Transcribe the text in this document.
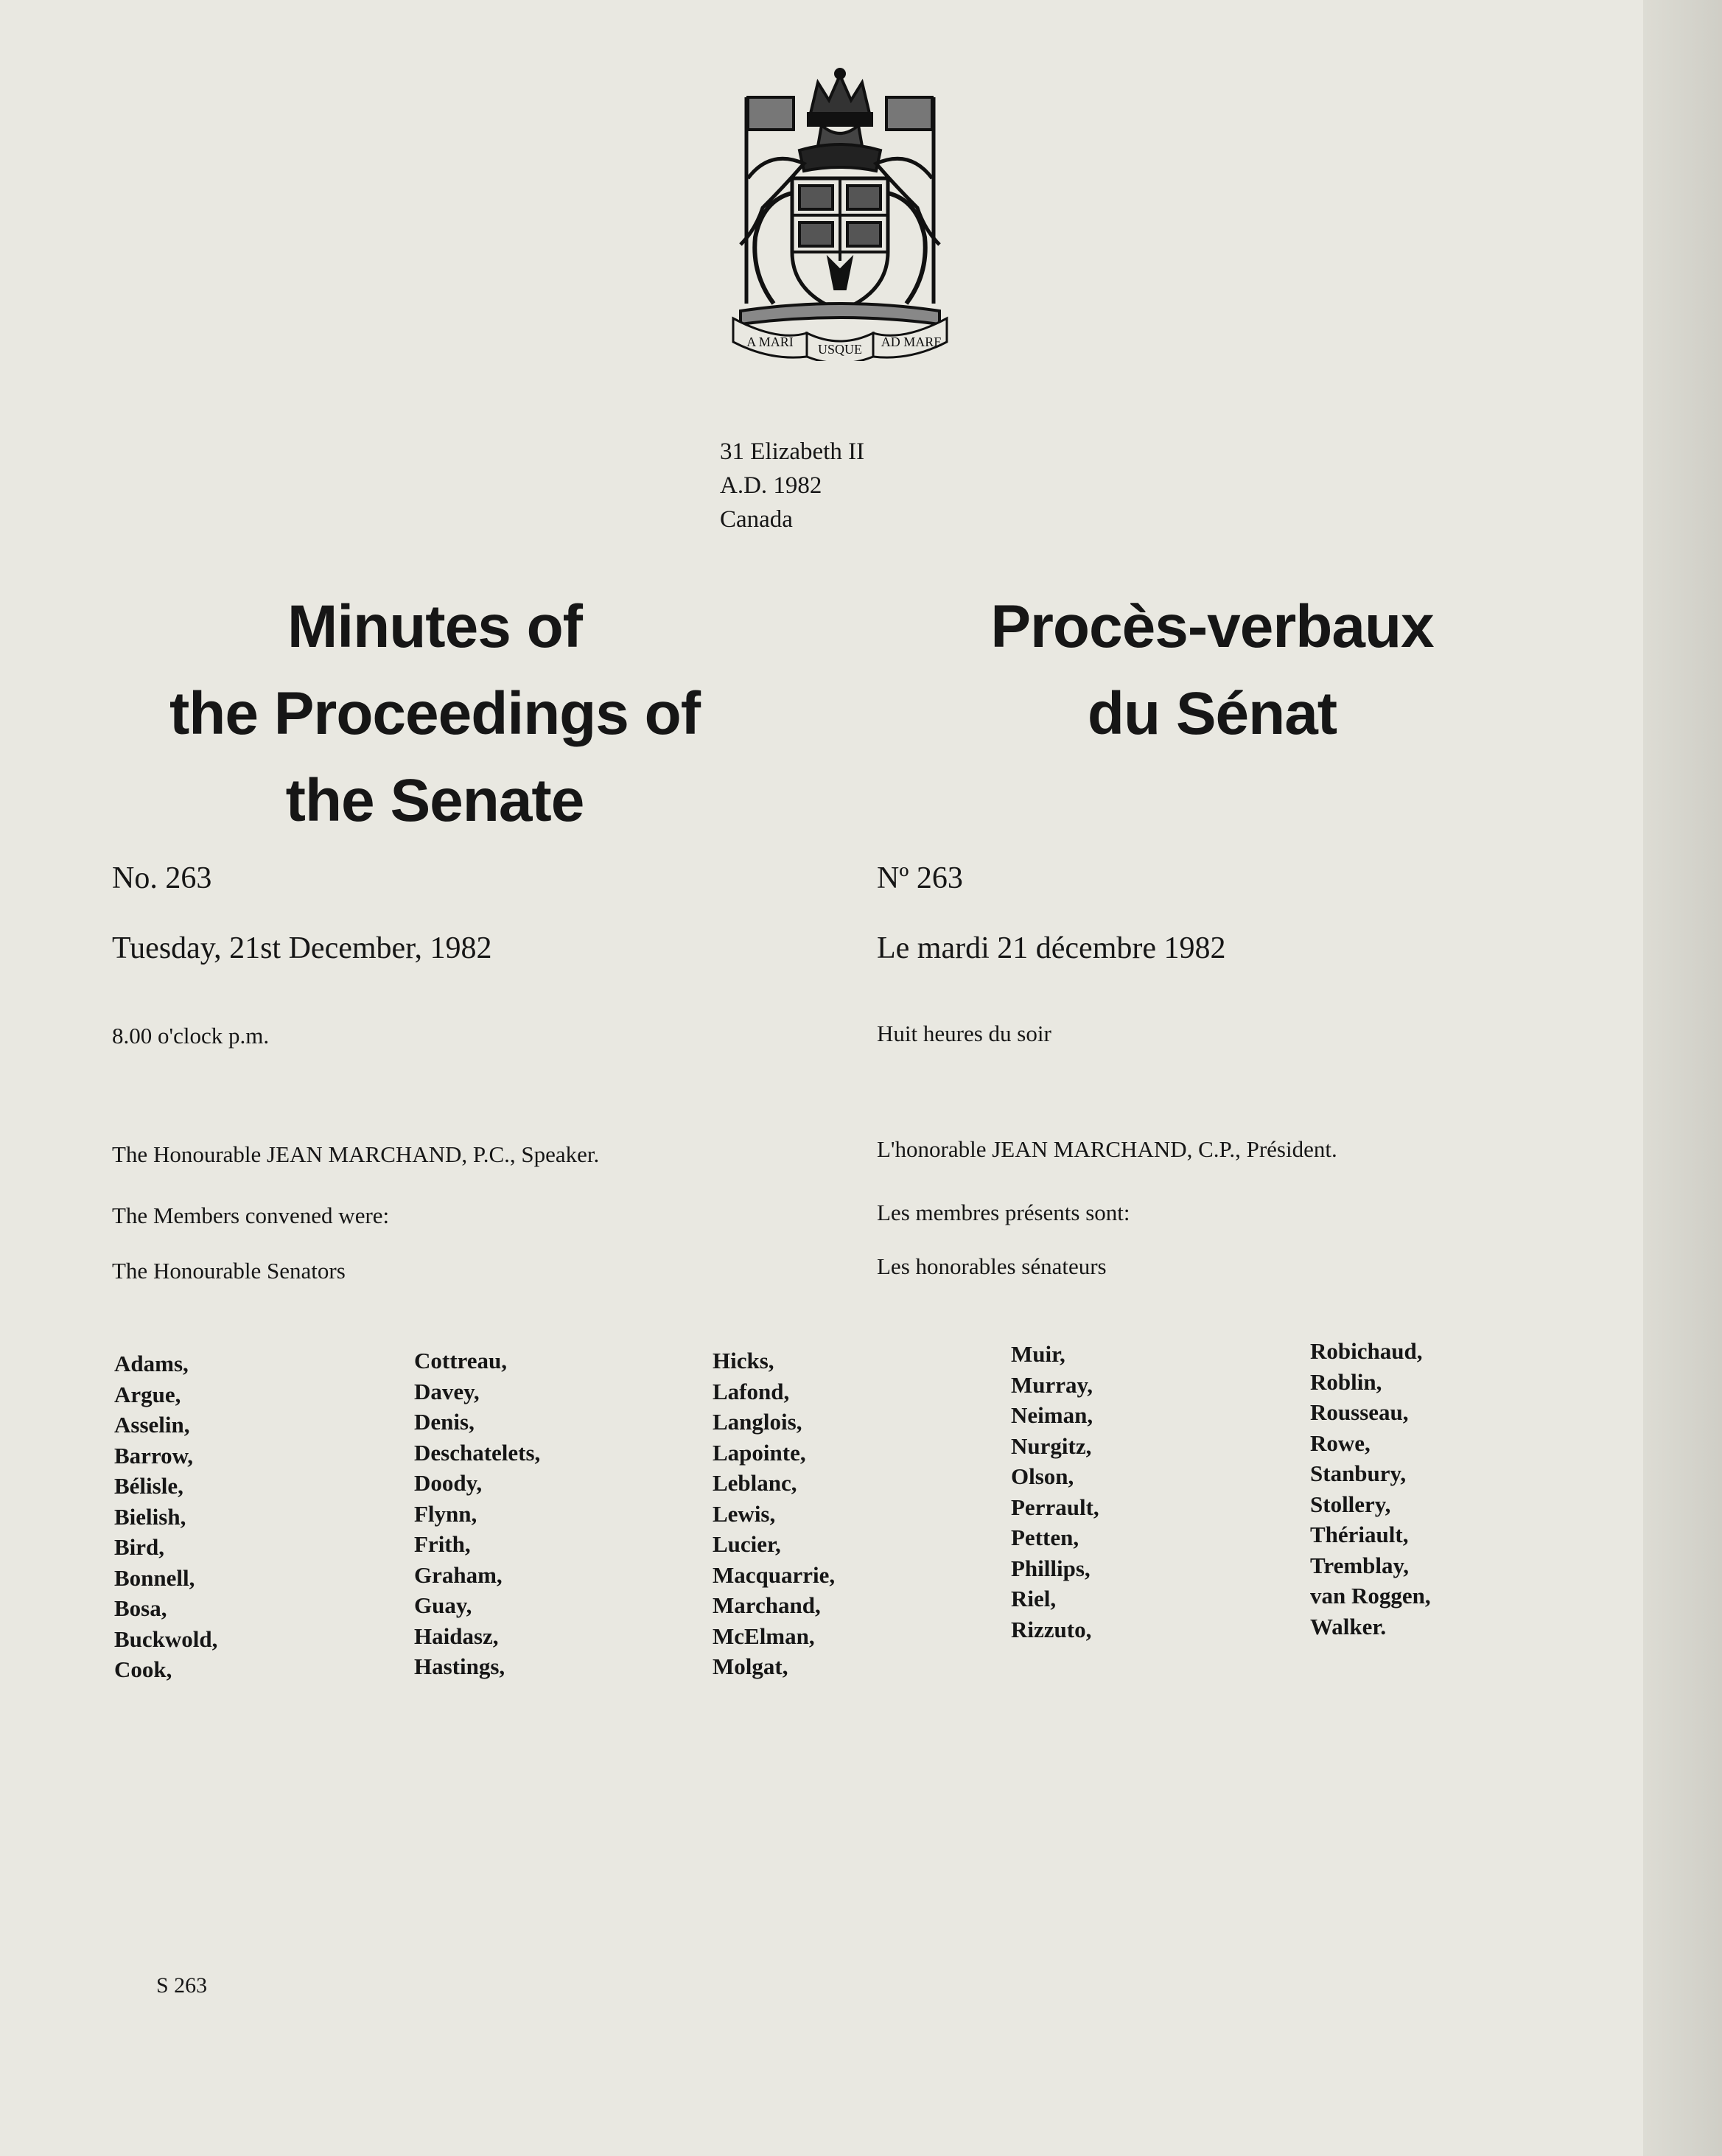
A MARI USQUE AD MARE
31 Elizabeth II
A.D. 1982
Canada
Minutes of
the Proceedings of
the Senate
Procès-verbaux
du Sénat
No. 263	Nº 263
Tuesday, 21st December, 1982	Le mardi 21 décembre 1982
8.00 o'clock p.m.	Huit heures du soir
The Honourable JEAN MARCHAND, P.C., Speaker.	L'honorable JEAN MARCHAND, C.P., Président.
The Members convened were:	Les membres présents sont:
The Honourable Senators	Les honorables sénateurs
Adams,
Argue,
Asselin,
Barrow,
Bélisle,
Bielish,
Bird,
Bonnell,
Bosa,
Buckwold,
Cook,
Cottreau,
Davey,
Denis,
Deschatelets,
Doody,
Flynn,
Frith,
Graham,
Guay,
Haidasz,
Hastings,
Hicks,
Lafond,
Langlois,
Lapointe,
Leblanc,
Lewis,
Lucier,
Macquarrie,
Marchand,
McElman,
Molgat,
Muir,
Murray,
Neiman,
Nurgitz,
Olson,
Perrault,
Petten,
Phillips,
Riel,
Rizzuto,
Robichaud,
Roblin,
Rousseau,
Rowe,
Stanbury,
Stollery,
Thériault,
Tremblay,
van Roggen,
Walker.
S 263
